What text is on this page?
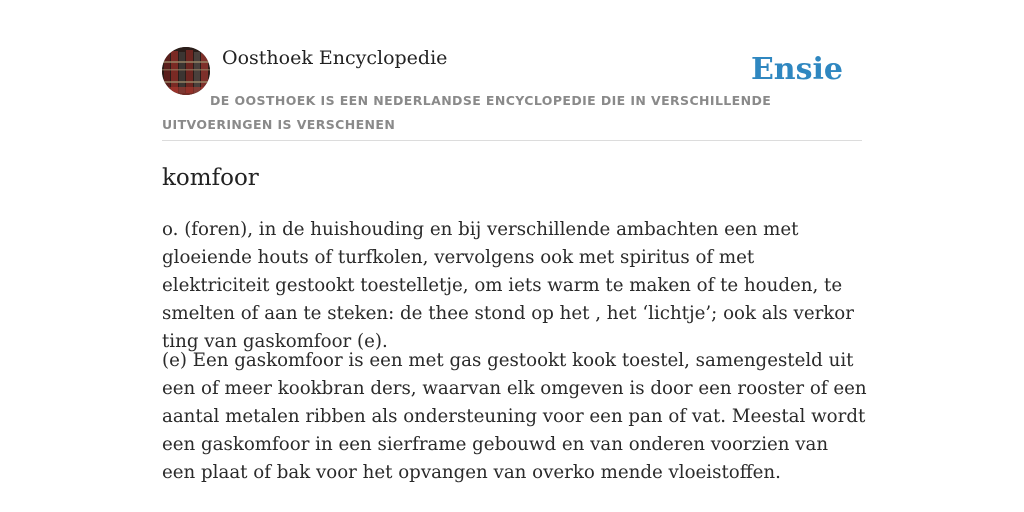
Oosthoek Encyclopedie	Ensie

DE OOSTHOEK IS EEN NEDERLANDSE ENCYCLOPEDIE DIE IN VERSCHILLENDE UITVOERINGEN IS VERSCHENEN

komfoor

o. (foren), in de huishouding en bij verschillende ambachten een met gloeiende houts of turfkolen, vervolgens ook met spiritus of met elektriciteit gestookt toestelletje, om iets warm te maken of te houden, te smelten of aan te steken: de thee stond op het , het ‘lichtje’; ook als verkor ting van gaskomfoor (e).

(e) Een gaskomfoor is een met gas gestookt kook toestel, samengesteld uit een of meer kookbran ders, waarvan elk omgeven is door een rooster of een aantal metalen ribben als ondersteuning voor een pan of vat. Meestal wordt een gaskomfoor in een sierframe gebouwd en van onderen voorzien van een plaat of bak voor het opvangen van overko mende vloeistoffen.
